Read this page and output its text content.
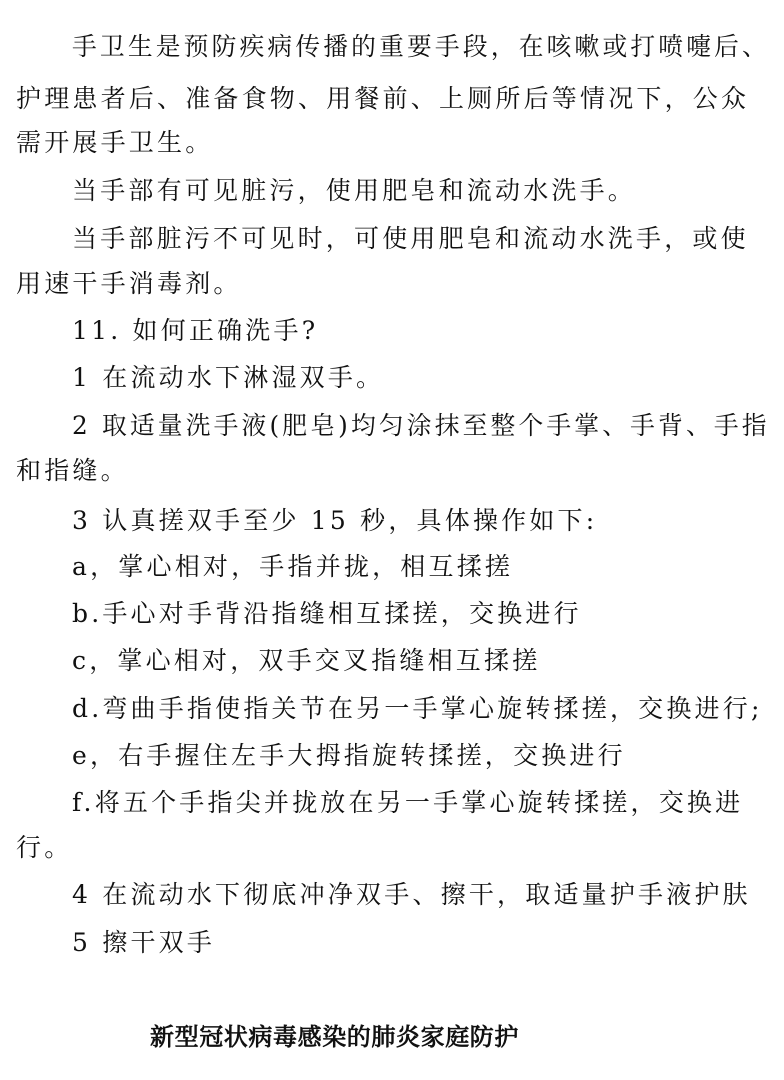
手卫生是预防疾病传播的重要手段，在咳嗽或打喷嚏后、
护理患者后、准备食物、用餐前、上厕所后等情况下，公众
需开展手卫生。
当手部有可见脏污，使用肥皂和流动水洗手。
当手部脏污不可见时，可使用肥皂和流动水洗手，或使
用速干手消毒剂。
11. 如何正确洗手?
1 在流动水下淋湿双手。
2 取适量洗手液(肥皂)均匀涂抹至整个手掌、手背、手指
和指缝。
3 认真搓双手至少 15 秒，具体操作如下:
a，掌心相对，手指并拢，相互揉搓
b.手心对手背沿指缝相互揉搓，交换进行
c，掌心相对，双手交叉指缝相互揉搓
d.弯曲手指使指关节在另一手掌心旋转揉搓，交换进行;
e，右手握住左手大拇指旋转揉搓，交换进行
f.将五个手指尖并拢放在另一手掌心旋转揉搓，交换进
行。
4 在流动水下彻底冲净双手、擦干，取适量护手液护肤
5 擦干双手
新型冠状病毒感染的肺炎家庭防护
